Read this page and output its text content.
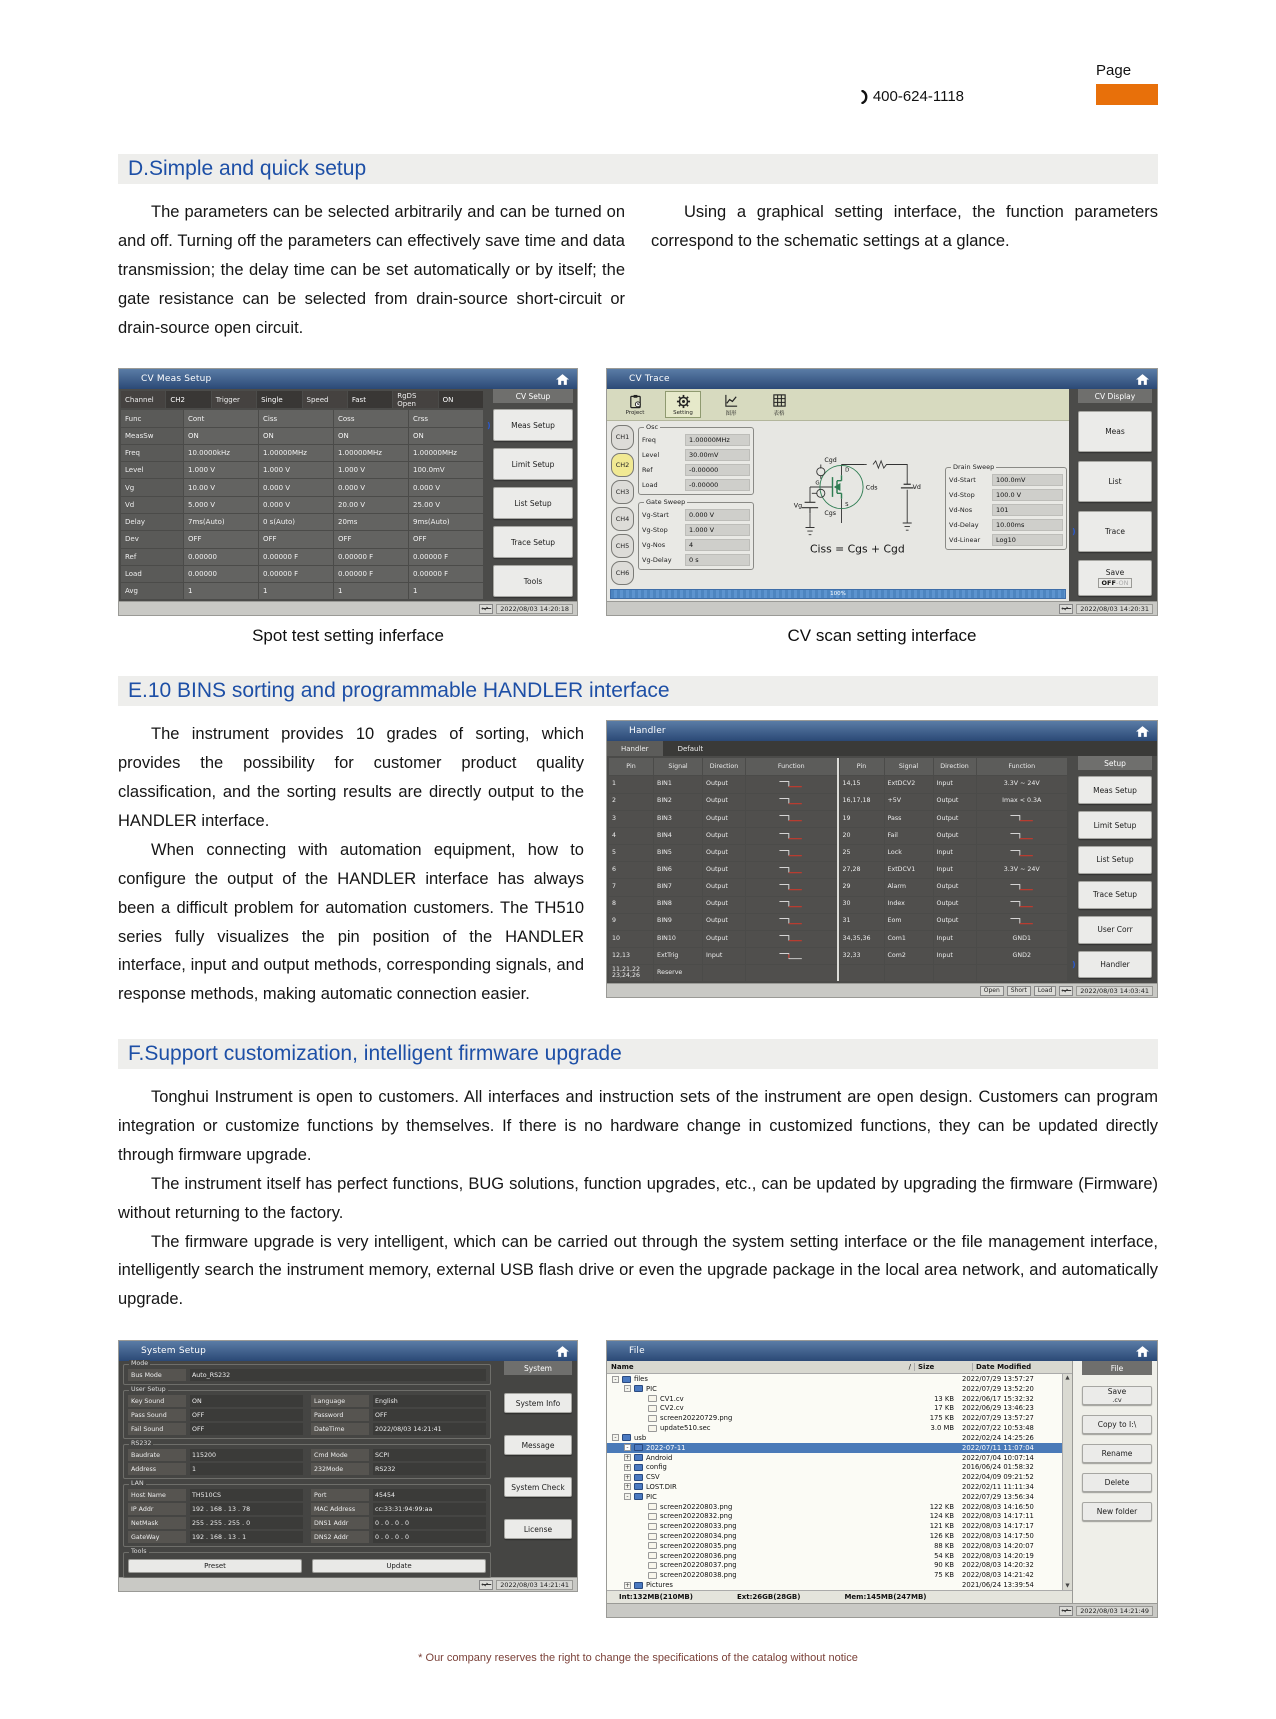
400-624-1118
Page
D.Simple and quick setup

The parameters can be selected arbitrarily and can be turned on and off. Turning off the parameters can effectively save time and data transmission; the delay time can be set automatically or by itself; the gate resistance can be selected from drain-source short-circuit or drain-source open circuit.

Using a graphical setting interface, the function parameters correspond to the schematic settings at a glance.

CV Meas Setup
Channel	CH2	Trigger	Single	Speed	Fast	RgDS Open	ON
Func	Cont	Ciss	Coss	Crss
MeasSw	ON	ON	ON	ON
Freq	10.0000kHz	1.00000MHz	1.00000MHz	1.00000MHz
Level	1.000 V	1.000 V	1.000 V	100.0mV
Vg	10.00 V	0.000 V	0.000 V	0.000 V
Vd	5.000 V	0.000 V	20.00 V	25.00 V
Delay	7ms(Auto)	0 s(Auto)	20ms	9ms(Auto)
Dev	OFF	OFF	OFF	OFF
Ref	0.00000	0.00000 F	0.00000 F	0.00000 F
Load	0.00000	0.00000 F	0.00000 F	0.00000 F
Avg	1	1	1	1
CV Setup
)	Meas Setup
Limit Setup
List Setup
Trace Setup
Tools
2022/08/03 14:20:18
CV Trace
Project	Setting	图形	表格
CH1
CH2
CH3
CH4
CH5
CH6
Osc
Freq	1.00000MHz
Level	30.00mV
Ref	-0.00000
Load	-0.00000
Gate Sweep
Vg-Start	0.000 V
Vg-Stop	1.000 V
Vg-Nos	4
Vg-Delay	0 s
Cgd
D
Cds
G
Cgs
S
Vg
Vd
Ciss = Cgs + Cgd
Drain Sweep
Vd-Start	100.0mV
Vd-Stop	100.0 V
Vd-Nos	101
Vd-Delay	10.00ms
Vd-Linear	Log10
100%
CV Display
Meas
List
)	Trace
Save
OFF-ON
2022/08/03 14:20:31
Spot test setting inferface	CV scan setting interface
E.10 BINS sorting and programmable HANDLER interface

The instrument provides 10 grades of sorting, which provides the possibility for customer product quality classification, and the sorting results are directly output to the HANDLER interface.

When connecting with automation equipment, how to configure the output of the HANDLER interface has always been a difficult problem for automation customers. The TH510 series fully visualizes the pin position of the HANDLER interface, input and output methods, corresponding signals, and response methods, making automatic connection easier.

Handler
Handler	Default
Pin	Signal	Direction	Function
1	BIN1	Output
2	BIN2	Output
3	BIN3	Output
4	BIN4	Output
5	BIN5	Output
6	BIN6	Output
7	BIN7	Output
8	BIN8	Output
9	BIN9	Output
10	BIN10	Output
12,13	ExtTrig	Input
11,21,22 23,24,26	Reserve
Pin	Signal	Direction	Function
14,15	ExtDCV2	Input	3.3V ~ 24V
16,17,18	+5V	Output	Imax < 0.3A
19	Pass	Output
20	Fail	Output
25	Lock	Input
27,28	ExtDCV1	Input	3.3V ~ 24V
29	Alarm	Output
30	Index	Output
31	Eom	Output
34,35,36	Com1	Input	GND1
32,33	Com2	Input	GND2
Setup
Meas Setup
Limit Setup
List Setup
Trace Setup
User Corr
)	Handler
Open	Short	Load	2022/08/03 14:03:41
F.Support customization, intelligent firmware upgrade

Tonghui Instrument is open to customers. All interfaces and instruction sets of the instrument are open design. Customers can program integration or customize functions by themselves. If there is no hardware change in customized functions, they can be updated directly through firmware upgrade.

The instrument itself has perfect functions, BUG solutions, function upgrades, etc., can be updated by upgrading the firmware (Firmware) without returning to the factory.

The firmware upgrade is very intelligent, which can be carried out through the system setting interface or the file management interface, intelligently search the instrument memory, external USB flash drive or even the upgrade package in the local area network, and automatically upgrade.

System Setup
Mode
Bus Mode	Auto_RS232
User Setup
Key Sound	ON
Pass Sound	OFF
Fail Sound	OFF
Language	English
Password	OFF
DateTime	2022/08/03 14:21:41
RS232
Baudrate	115200
Address	1
Cmd Mode	SCPI
232Mode	RS232
LAN
Host Name	TH510CS
IP Addr	192 . 168 . 13 . 78
NetMask	255 . 255 . 255 . 0
GateWay	192 . 168 . 13 . 1
Port	45454
MAC Address	cc:33:31:94:99:aa
DNS1 Addr	0 . 0 . 0 . 0
DNS2 Addr	0 . 0 . 0 . 0
Tools
Preset	Update
System
System Info
Message
System Check
License
2022/08/03 14:21:41
File
Name	/	Size	Date Modified
-	files	2022/07/29 13:57:27
-	PIC	2022/07/29 13:52:20
CV1.cv	13 KB	2022/06/17 15:32:32
CV2.cv	17 KB	2022/06/29 13:46:23
screen20220729.png	175 KB	2022/07/29 13:57:27
update510.sec	3.0 MB	2022/07/22 10:53:48
-	usb	2022/02/24 14:25:26
-	2022-07-11	2022/07/11 11:07:04
+ Android	2022/07/04 10:07:14
+ config	2016/06/24 01:58:32
+ CSV	2022/04/09 09:21:52
+ LOST.DIR	2022/02/11 11:11:34
-	PIC	2022/07/29 13:56:34
screen20220803.png	122 KB	2022/08/03 14:16:50
screen20220832.png	124 KB	2022/08/03 14:17:11
screen202208033.png	121 KB	2022/08/03 14:17:17
screen202208034.png	126 KB	2022/08/03 14:17:50
screen202208035.png	88 KB	2022/08/03 14:20:07
screen202208036.png	54 KB	2022/08/03 14:20:19
screen202208037.png	90 KB	2022/08/03 14:20:32
screen202208038.png	75 KB	2022/08/03 14:21:42
+ Pictures	2021/06/24 13:39:54
▲
▼
Int:132MB(210MB)	Ext:26GB(28GB)	Mem:145MB(247MB)
File
Save
.cv
Copy to I:\
Rename
Delete
New folder
2022/08/03 14:21:49
* Our company reserves the right to change the specifications of the catalog without notice
